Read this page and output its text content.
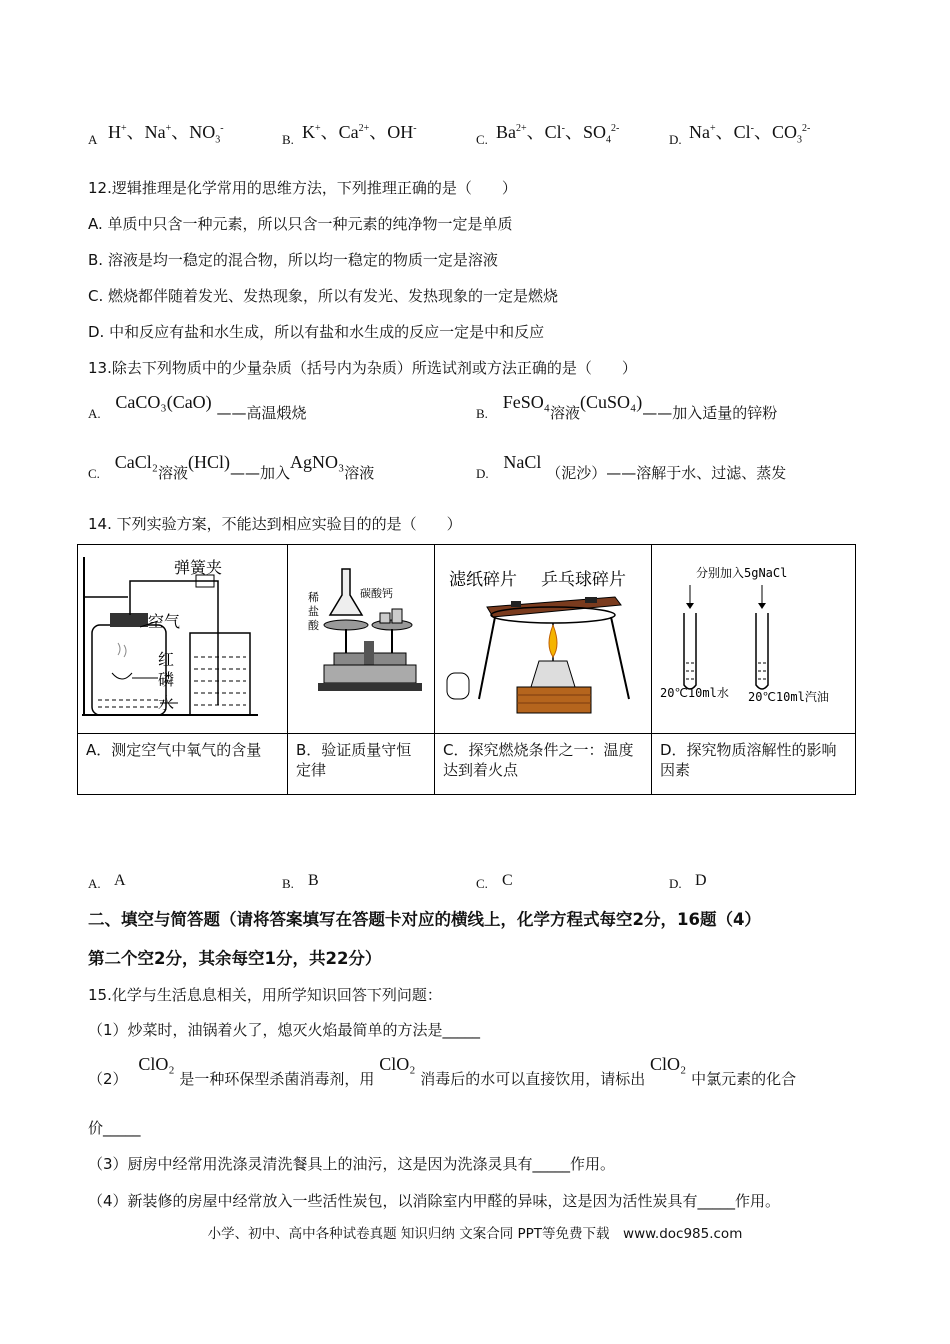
A H+、Na+、$NO_3^-$
B. K+、$Ca^{2+}$、OH-
C. $Ba^{2+}$、Cl-、$SO_4^{2-}$
D. Na+、Cl-、$CO_3^{2-}$
12.逻辑推理是化学常用的思维方法，下列推理正确的是（　　）
A. 单质中只含一种元素，所以只含一种元素的纯净物一定是单质
B. 溶液是均一稳定的混合物，所以均一稳定的物质一定是溶液
C. 燃烧都伴随着发光、发热现象，所以有发光、发热现象的一定是燃烧
D. 中和反应有盐和水生成，所以有盐和水生成的反应一定是中和反应
13.除去下列物质中的少量杂质（括号内为杂质）所选试剂或方法正确的是（　　）
A. CaCO₃(CaO) ——高温煅烧	B. FeSO₄溶液(CuSO₄)——加入适量的锌粉
C. CaCl₂溶液(HCl)——加入AgNO₃溶液	D. NaCl （泥沙）——溶解于水、过滤、蒸发
14. 下列实验方案，不能达到相应实验目的的是（　　）
弹簧夹
空气
红
磷
水	稀
盐
酸
碳酸钙	滤纸碎片 乒乓球碎片	分别加入5gNaCl
20℃10ml水 20℃10ml汽油

A．测定空气中氧气的含量	B．验证质量守恒定律	C．探究燃烧条件之一：温度达到着火点	D．探究物质溶解性的影响因素
A. A	B. B	C. C	D. D
二、填空与简答题（请将答案填写在答题卡对应的横线上，化学方程式每空2分，16题（4）
第二个空2分，其余每空1分，共22分）
15.化学与生活息息相关，用所学知识回答下列问题：
（1）炒菜时，油锅着火了，熄灭火焰最简单的方法是_____
（2） ClO₂ 是一种环保型杀菌消毒剂，用 ClO₂ 消毒后的水可以直接饮用，请标出 ClO₂ 中氯元素的化合
价_____
（3）厨房中经常用洗涤灵清洗餐具上的油污，这是因为洗涤灵具有_____作用。
（4）新装修的房屋中经常放入一些活性炭包，以消除室内甲醛的异味，这是因为活性炭具有_____作用。
小学、初中、高中各种试卷真题 知识归纳 文案合同 PPT等免费下载　www.doc985.com
